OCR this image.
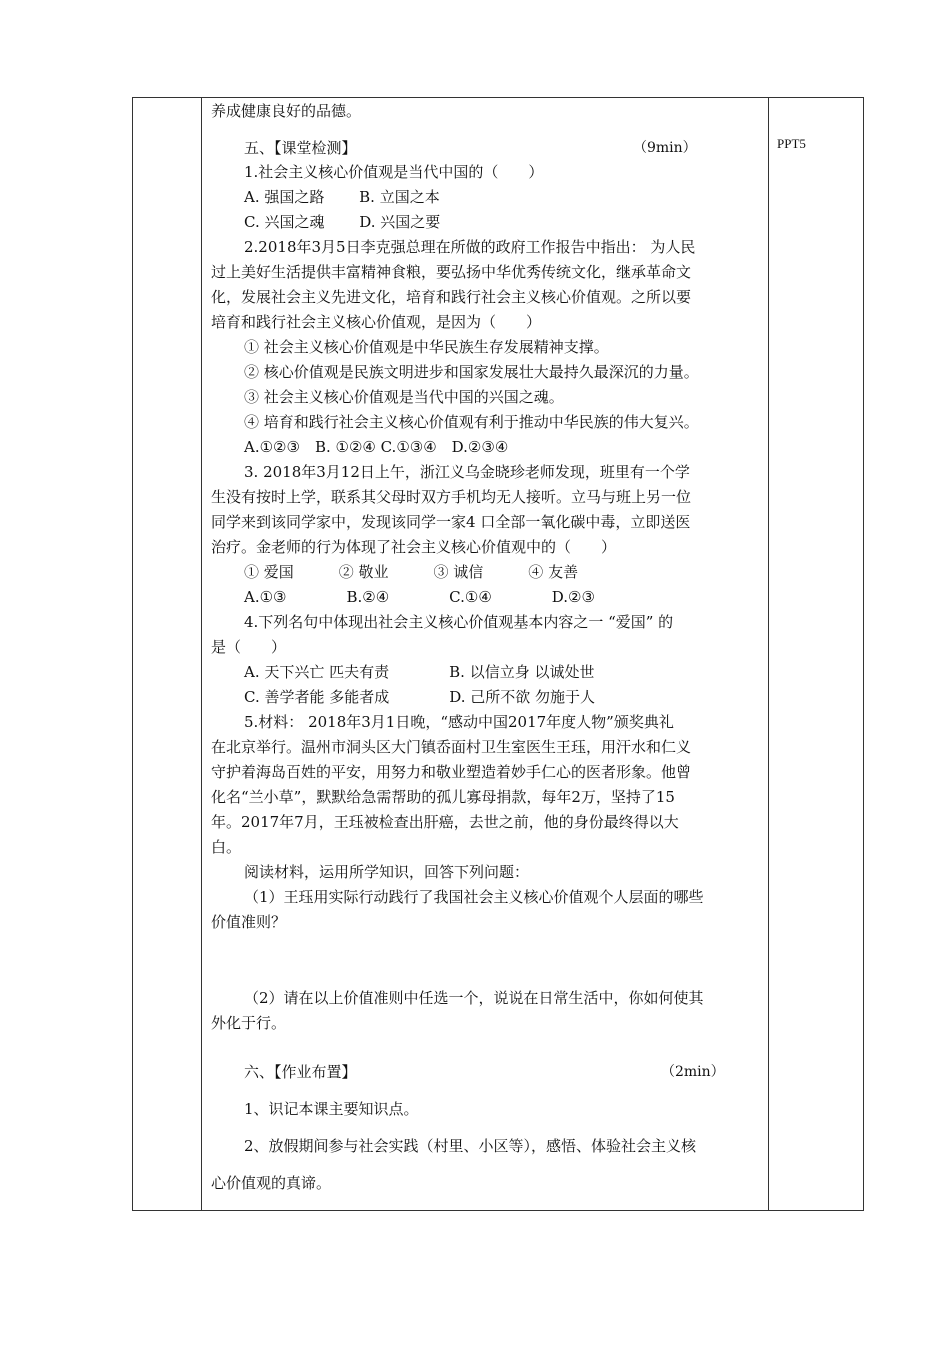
养成健康良好的品德。
五、【课堂检测】	（9min）	PPT5
1.社会主义核心价值观是当代中国的（　　）
A. 强国之路　　 B. 立国之本
C. 兴国之魂　　 D. 兴国之要
2.2018年3月5日李克强总理在所做的政府工作报告中指出： 为人民
过上美好生活提供丰富精神食粮，要弘扬中华优秀传统文化，继承革命文
化，发展社会主义先进文化，培育和践行社会主义核心价值观。之所以要
培育和践行社会主义核心价值观，是因为（　　）
① 社会主义核心价值观是中华民族生存发展精神支撑。
② 核心价值观是民族文明进步和国家发展壮大最持久最深沉的力量。
③ 社会主义核心价值观是当代中国的兴国之魂。
④ 培育和践行社会主义核心价值观有利于推动中华民族的伟大复兴。
A.①②③　B. ①②④ C.①③④　D.②③④
3. 2018年3月12日上午，浙江义乌金晓珍老师发现，班里有一个学
生没有按时上学，联系其父母时双方手机均无人接听。立马与班上另一位
同学来到该同学家中，发现该同学一家4 口全部一氧化碳中毒，立即送医
治疗。金老师的行为体现了社会主义核心价值观中的（　　）
① 爱国　　　② 敬业　　　③ 诚信　　　④ 友善
A.①③　　　　B.②④　　　　C.①④　　　　D.②③
4.下列名句中体现出社会主义核心价值观基本内容之一 “爱国” 的
是（　　）
A. 天下兴亡 匹夫有责　　　　B. 以信立身 以诚处世
C. 善学者能 多能者成　　　　D. 己所不欲 勿施于人
5.材料： 2018年3月1日晚，“感动中国2017年度人物”颁奖典礼
在北京举行。温州市洞头区大门镇岙面村卫生室医生王珏，用汗水和仁义
守护着海岛百姓的平安，用努力和敬业塑造着妙手仁心的医者形象。他曾
化名“兰小草”，默默给急需帮助的孤儿寡母捐款，每年2万，坚持了15
年。2017年7月，王珏被检查出肝癌，去世之前，他的身份最终得以大
白。
阅读材料，运用所学知识，回答下列问题：
（1）王珏用实际行动践行了我国社会主义核心价值观个人层面的哪些
价值准则？
（2）请在以上价值准则中任选一个，说说在日常生活中，你如何使其
外化于行。
六、【作业布置】	（2min）
1、识记本课主要知识点。
2、放假期间参与社会实践（村里、小区等），感悟、体验社会主义核
心价值观的真谛。
